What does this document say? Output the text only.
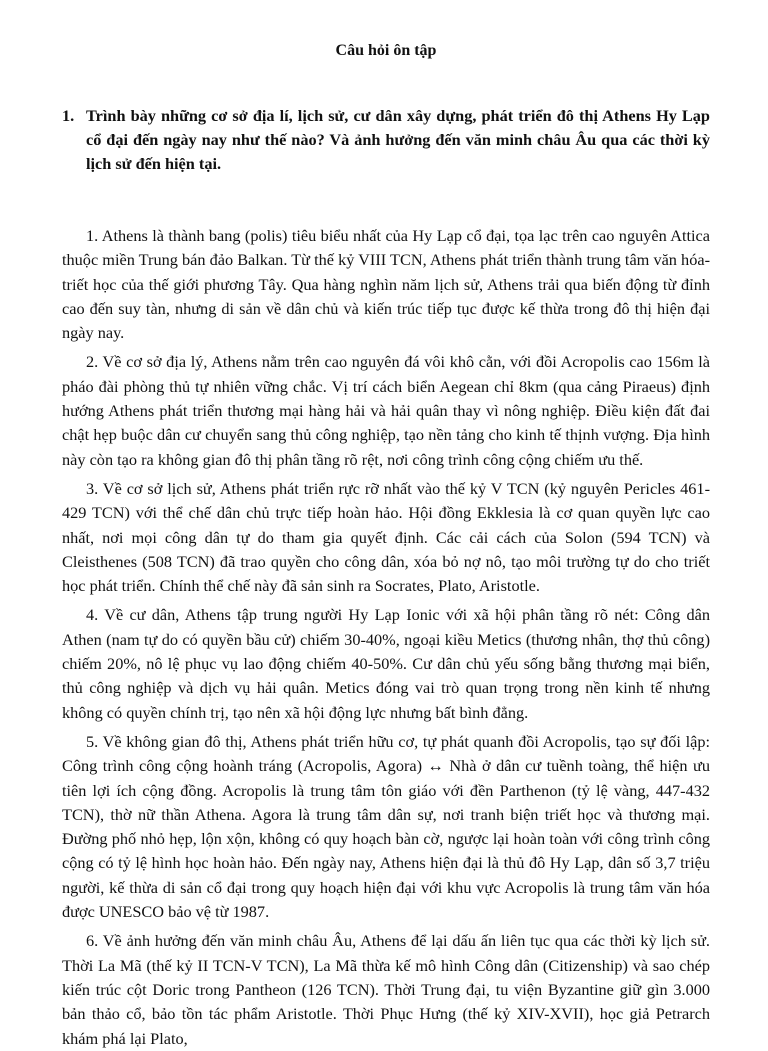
Câu hỏi ôn tập
1. Trình bày những cơ sở địa lí, lịch sử, cư dân xây dựng, phát triển đô thị Athens Hy Lạp cổ đại đến ngày nay như thế nào? Và ảnh hưởng đến văn minh châu Âu qua các thời kỳ lịch sử đến hiện tại.

1. Athens là thành bang (polis) tiêu biểu nhất của Hy Lạp cổ đại, tọa lạc trên cao nguyên Attica thuộc miền Trung bán đảo Balkan. Từ thế kỷ VIII TCN, Athens phát triển thành trung tâm văn hóa-triết học của thế giới phương Tây. Qua hàng nghìn năm lịch sử, Athens trải qua biến động từ đỉnh cao đến suy tàn, nhưng di sản về dân chủ và kiến trúc tiếp tục được kế thừa trong đô thị hiện đại ngày nay.

2. Về cơ sở địa lý, Athens nằm trên cao nguyên đá vôi khô cằn, với đồi Acropolis cao 156m là pháo đài phòng thủ tự nhiên vững chắc. Vị trí cách biển Aegean chỉ 8km (qua cảng Piraeus) định hướng Athens phát triển thương mại hàng hải và hải quân thay vì nông nghiệp. Điều kiện đất đai chật hẹp buộc dân cư chuyển sang thủ công nghiệp, tạo nền tảng cho kinh tế thịnh vượng. Địa hình này còn tạo ra không gian đô thị phân tầng rõ rệt, nơi công trình công cộng chiếm ưu thế.

3. Về cơ sở lịch sử, Athens phát triển rực rỡ nhất vào thế kỷ V TCN (kỷ nguyên Pericles 461-429 TCN) với thể chế dân chủ trực tiếp hoàn hảo. Hội đồng Ekklesia là cơ quan quyền lực cao nhất, nơi mọi công dân tự do tham gia quyết định. Các cải cách của Solon (594 TCN) và Cleisthenes (508 TCN) đã trao quyền cho công dân, xóa bỏ nợ nô, tạo môi trường tự do cho triết học phát triển. Chính thể chế này đã sản sinh ra Socrates, Plato, Aristotle.

4. Về cư dân, Athens tập trung người Hy Lạp Ionic với xã hội phân tầng rõ nét: Công dân Athen (nam tự do có quyền bầu cử) chiếm 30-40%, ngoại kiều Metics (thương nhân, thợ thủ công) chiếm 20%, nô lệ phục vụ lao động chiếm 40-50%. Cư dân chủ yếu sống bằng thương mại biển, thủ công nghiệp và dịch vụ hải quân. Metics đóng vai trò quan trọng trong nền kinh tế nhưng không có quyền chính trị, tạo nên xã hội động lực nhưng bất bình đẳng.

5. Về không gian đô thị, Athens phát triển hữu cơ, tự phát quanh đồi Acropolis, tạo sự đối lập: Công trình công cộng hoành tráng (Acropolis, Agora) ↔ Nhà ở dân cư tuềnh toàng, thể hiện ưu tiên lợi ích cộng đồng. Acropolis là trung tâm tôn giáo với đền Parthenon (tỷ lệ vàng, 447-432 TCN), thờ nữ thần Athena. Agora là trung tâm dân sự, nơi tranh biện triết học và thương mại. Đường phố nhỏ hẹp, lộn xộn, không có quy hoạch bàn cờ, ngược lại hoàn toàn với công trình công cộng có tỷ lệ hình học hoàn hảo. Đến ngày nay, Athens hiện đại là thủ đô Hy Lạp, dân số 3,7 triệu người, kế thừa di sản cổ đại trong quy hoạch hiện đại với khu vực Acropolis là trung tâm văn hóa được UNESCO bảo vệ từ 1987.

6. Về ảnh hưởng đến văn minh châu Âu, Athens để lại dấu ấn liên tục qua các thời kỳ lịch sử. Thời La Mã (thế kỷ II TCN-V TCN), La Mã thừa kế mô hình Công dân (Citizenship) và sao chép kiến trúc cột Doric trong Pantheon (126 TCN). Thời Trung đại, tu viện Byzantine giữ gìn 3.000 bản thảo cổ, bảo tồn tác phẩm Aristotle. Thời Phục Hưng (thế kỷ XIV-XVII), học giả Petrarch khám phá lại Plato,
